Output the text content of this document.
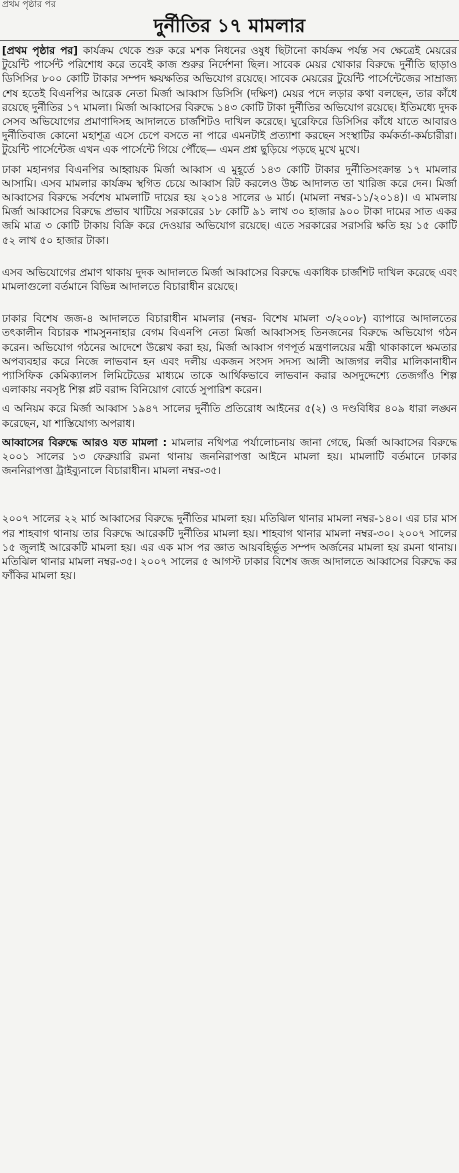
প্রথম পৃষ্ঠার পর
দুর্নীতির ১৭ মামলার

[প্রথম পৃষ্ঠার পর] কার্যক্রম থেকে শুরু করে মশক নিধনের ওষুধ ছিটানো কার্যক্রম পর্যন্ত সব ক্ষেত্রেই মেয়রের টুয়েন্টি পার্সেন্ট পরিশোধ করে তবেই কাজ শুরুর নির্দেশনা ছিল। সাবেক মেয়র খোকার বিরুদ্ধে দুর্নীতি ছাড়াও ডিসিসির ৮০০ কোটি টাকার সম্পদ ক্ষয়ক্ষতির অভিযোগ রয়েছে। সাবেক মেয়রের টুয়েন্টি পার্সেন্টেজের সাম্রাজ্য শেষ হতেই বিএনপির আরেক নেতা মির্জা আব্বাস ডিসিসি (দক্ষিণ) মেয়র পদে লড়ার কথা বলছেন, তার কাঁধে রয়েছে দুর্নীতির ১৭ মামলা। মির্জা আব্বাসের বিরুদ্ধে ১৪৩ কোটি টাকা দুর্নীতির অভিযোগ রয়েছে। ইতিমধ্যে দুদক সেসব অভিযোগের প্রমাণাদিসহ আদালতে চার্জশিটও দাখিল করেছে। ঘুরেফিরে ডিসিসির কাঁধে যাতে আবারও দুর্নীতিবাজ কোনো মহাশূত্র এসে চেপে বসতে না পারে এমনটাই প্রত্যাশা করছেন সংস্থাটির কর্মকর্তা-কর্মচারীরা। টুয়েন্টি পার্সেন্টেজ এখন এক পার্সেন্টে গিয়ে পৌঁছে— এমন প্রশ্ন ছুড়িয়ে পড়ছে মুখে মুখে।

ঢাকা মহানগর বিএনপির আহ্বায়ক মির্জা আব্বাস এ মুহূর্তে ১৪৩ কোটি টাকার দুর্নীতিসংক্রান্ত ১৭ মামলার আসামি। এসব মামলার কার্যক্রম স্থগিত চেয়ে আব্বাস রিট করলেও উচ্চ আদালত তা খারিজ করে দেন। মির্জা আব্বাসের বিরুদ্ধে সর্বশেষ মামলাটি দায়ের হয় ২০১৪ সালের ৬ মার্চ। (মামলা নম্বর-১১/২০১৪)। এ মামলায় মির্জা আব্বাসের বিরুদ্ধে প্রভাব খাটিয়ে সরকারের ১৮ কোটি ৯১ লাখ ৩০ হাজার ৯০০ টাকা দামের সাত একর জমি মাত্র ৩ কোটি টাকায় বিক্রি করে দেওয়ার অভিযোগ রয়েছে। এতে সরকারের সরাসরি ক্ষতি হয় ১৫ কোটি ৫২ লাখ ৫০ হাজার টাকা।

এসব অভিযোগের প্রমাণ থাকায় দুদক আদালতে মির্জা আব্বাসের বিরুদ্ধে একাধিক চার্জশিট দাখিল করেছে এবং মামলাগুলো বর্তমানে বিভিন্ন আদালতে বিচারাধীন রয়েছে।

ঢাকার বিশেষ জজ-৪ আদালতে বিচারাধীন মামলার (নম্বর- বিশেষ মামলা ৩/২০০৮) ব্যাপারে আদালতের তৎকালীন বিচারক শামসুননাহার বেগম বিএনপি নেতা মির্জা আব্বাসসহ তিনজনের বিরুদ্ধে অভিযোগ গঠন করেন। অভিযোগ গঠনের আদেশে উল্লেখ করা হয়, মির্জা আব্বাস গণপূর্ত মন্ত্রণালয়ের মন্ত্রী থাকাকালে ক্ষমতার অপব্যবহার করে নিজে লাভবান হন এবং দলীয় একজন সংসদ সদস্য আলী আজগর লবীর মালিকানাধীন প্যাসিফিক কেমিক্যালস লিমিটেডের মাধ্যমে তাকে আর্থিকভাবে লাভবান করার অসদুদ্দেশ্যে তেজগাঁও শিল্প এলাকায় নবসৃষ্ট শিল্প প্লট বরাদ্দ বিনিয়োগ বোর্ডে সুপারিশ করেন।

এ অনিয়ম করে মির্জা আব্বাস ১৯৪৭ সালের দুর্নীতি প্রতিরোধ আইনের ৫(২) ও দণ্ডবিধির ৪০৯ ধারা লঙ্ঘন করেছেন, যা শাস্তিযোগ্য অপরাধ।

আব্বাসের বিরুদ্ধে আরও যত মামলা : মামলার নথিপত্র পর্যালোচনায় জানা গেছে, মির্জা আব্বাসের বিরুদ্ধে ২০০১ সালের ১৩ ফেব্রুয়ারি রমনা থানায় জননিরাপত্তা আইনে মামলা হয়। মামলাটি বর্তমানে ঢাকার জননিরাপত্তা ট্রাইব্যুনালে বিচারাধীন। মামলা নম্বর-৩৫।

২০০৭ সালের ২২ মার্চ আব্বাসের বিরুদ্ধে দুর্নীতির মামলা হয়। মতিঝিল থানার মামলা নম্বর-১৪০। এর চার মাস পর শাহবাগ থানায় তার বিরুদ্ধে আরেকটি দুর্নীতির মামলা হয়। শাহবাগ থানার মামলা নম্বর-৩০। ২০০৭ সালের ১৫ জুলাই আরেকটি মামলা হয়। এর এক মাস পর জ্ঞাত আয়বহির্ভূত সম্পদ অর্জনের মামলা হয় রমনা থানায়। মতিঝিল থানার মামলা নম্বর-৩৫। ২০০৭ সালের ৫ আগস্ট ঢাকার বিশেষ জজ আদালতে আব্বাসের বিরুদ্ধে কর ফাঁকির মামলা হয়।
